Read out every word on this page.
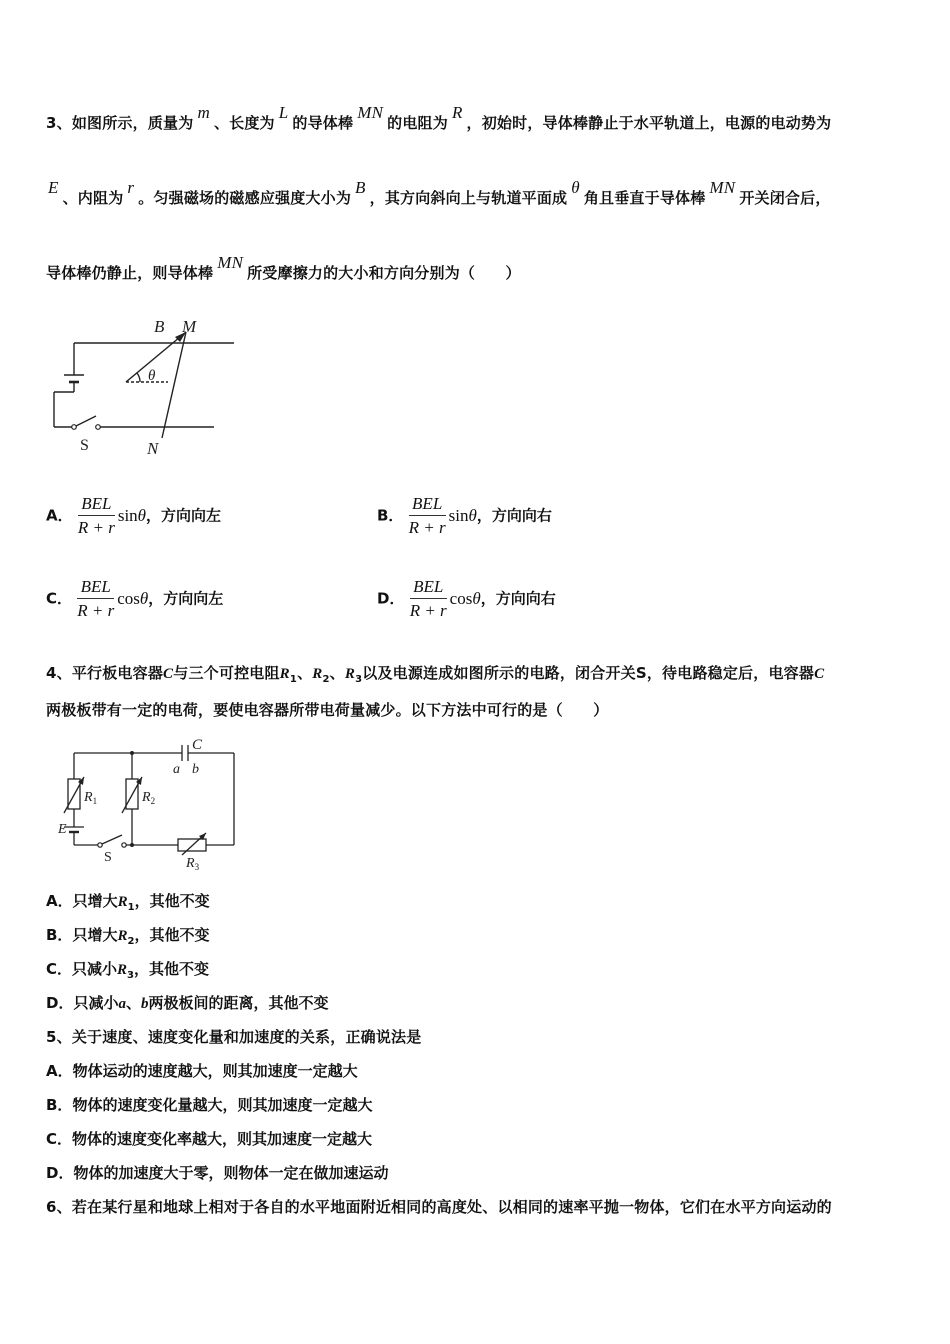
3、如图所示，质量为m、长度为L的导体棒MN的电阻为R，初始时，导体棒静止于水平轨道上，电源的电动势为
E、内阻为r。匀强磁场的磁感应强度大小为B，其方向斜向上与轨道平面成θ角且垂直于导体棒MN开关闭合后，
导体棒仍静止，则导体棒MN所受摩擦力的大小和方向分别为（　　）
B M
θ
S	N
A． $\frac{\text{BEL}}{R + r}$ sinθ，方向向左	B． $\frac{\text{BEL}}{R + r}$ sinθ，方向向右
C． $\frac{\text{BEL}}{R + r}$ cosθ，方向向左	D． $\frac{\text{BEL}}{R + r}$ cosθ，方向向右
4、平行板电容器C与三个可控电阻$R_1$、$R_2$、$R_3$以及电源连成如图所示的电路，闭合开关S，待电路稳定后，电容器C
两极板带有一定的电荷，要使电容器所带电荷量减少。以下方法中可行的是（　　）
C
a b
$R_1$	$R_2$
E
S	$R_3$
A．只增大$R_1$，其他不变
B．只增大$R_2$，其他不变
C．只减小$R_3$，其他不变
D．只减小a、b两极板间的距离，其他不变
5、关于速度、速度变化量和加速度的关系，正确说法是
A．物体运动的速度越大，则其加速度一定越大
B．物体的速度变化量越大，则其加速度一定越大
C．物体的速度变化率越大，则其加速度一定越大
D．物体的加速度大于零，则物体一定在做加速运动
6、若在某行星和地球上相对于各自的水平地面附近相同的高度处、以相同的速率平抛一物体，它们在水平方向运动的
